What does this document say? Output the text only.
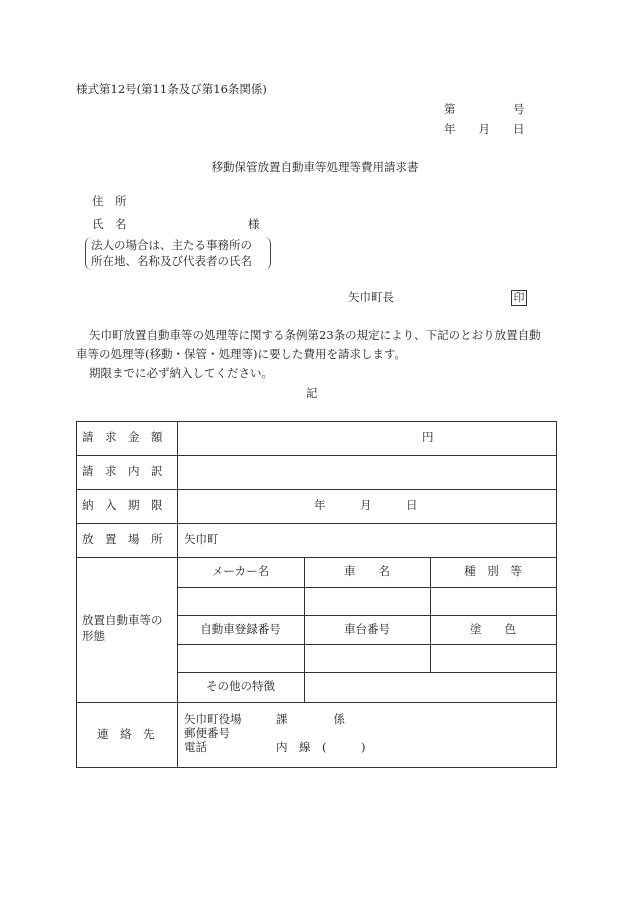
様式第12号(第11条及び第16条関係)
第　　　　　号
年　　月　　日
移動保管放置自動車等処理等費用請求書
住　所
氏　名	様
法人の場合は、主たる事務所の
所在地、名称及び代表者の氏名
矢巾町長	印
矢巾町放置自動車等の処理等に関する条例第23条の規定により、下記のとおり放置自動
車等の処理等(移動・保管・処理等)に要した費用を請求します。
期限までに必ず納入してください。
記
請　求　金　額	円
請　求　内　訳
納　入　期　限	年　　　月　　　日
放　置　場　所 矢巾町
放置自動車等の
形態
メーカー名	車　　名	種　別　等
自動車登録番号	車台番号	塗　　色
その他の特徴
連　絡　先
矢巾町役場　　　課　　　　係
郵便番号
電話　　　　　　内　線　(　　　)
